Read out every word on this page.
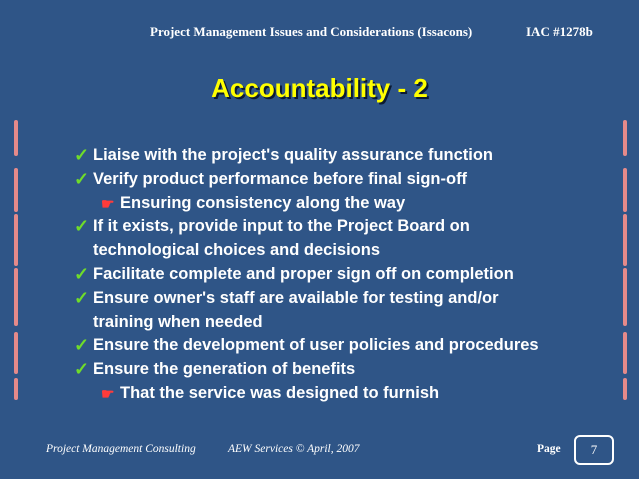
Project Management Issues and Considerations (Issacons)	IAC #1278b
Accountability - 2
✓ Liaise with the project's quality assurance function
✓ Verify product performance before final sign-off
☛ Ensuring consistency along the way
✓ If it exists, provide input to the Project Board on
technological choices and decisions
✓ Facilitate complete and proper sign off on completion
✓ Ensure owner's staff are available for testing and/or
training when needed
✓ Ensure the development of user policies and procedures
✓ Ensure the generation of benefits
☛ That the service was designed to furnish
Project Management Consulting	AEW Services © April, 2007	Page	7
